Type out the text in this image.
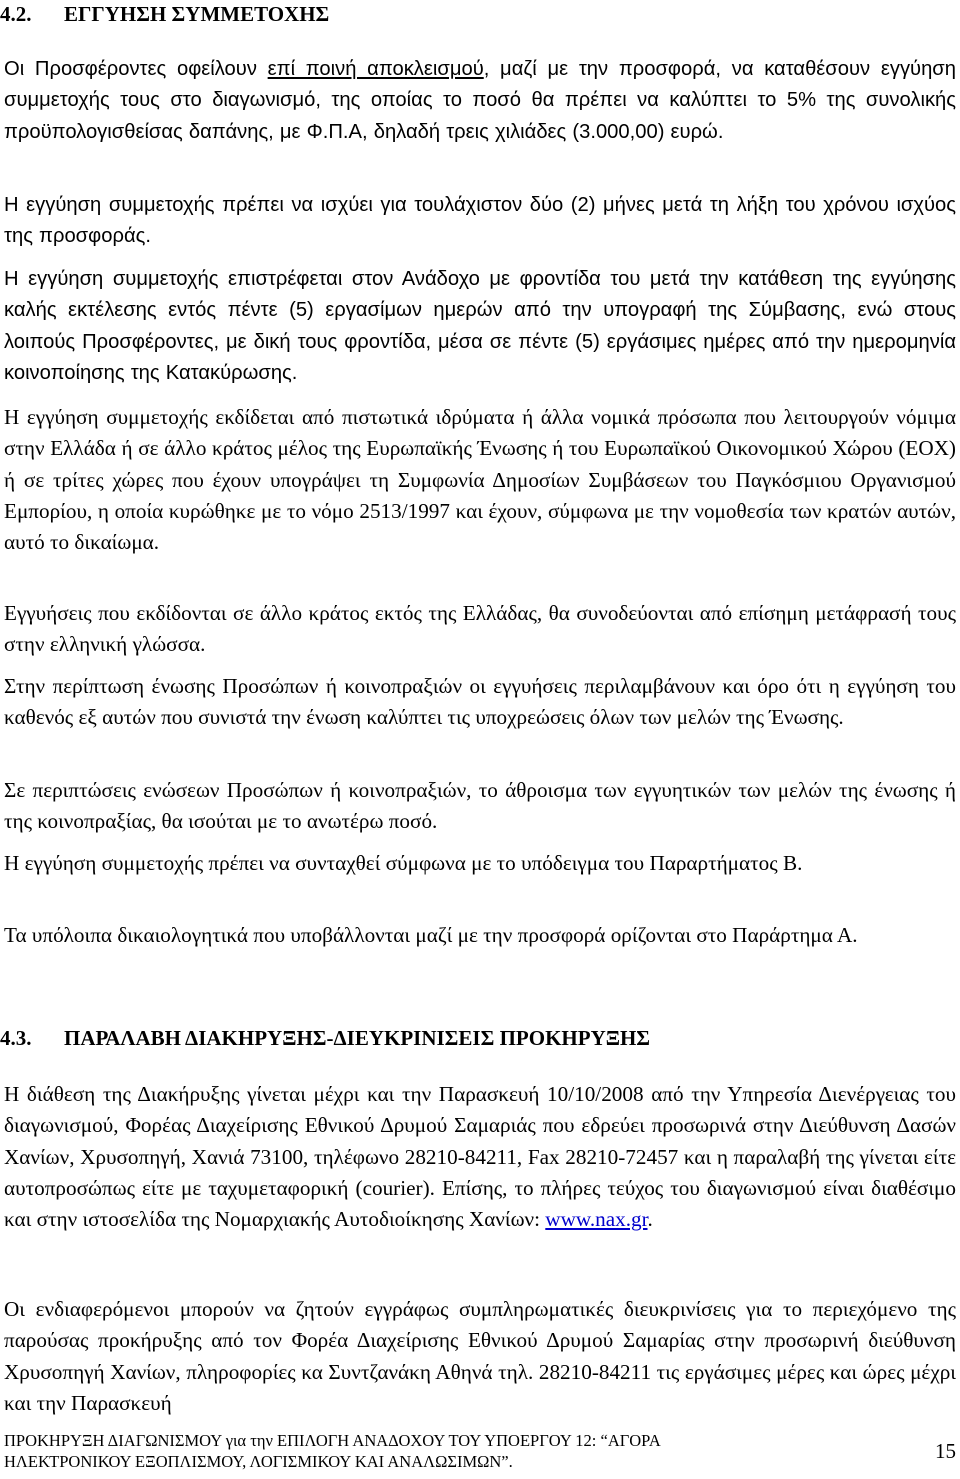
4.2. ΕΓΓΥΗΣΗ ΣΥΜΜΕΤΟΧΗΣ

Οι Προσφέροντες οφείλουν επί ποινή αποκλεισμού, μαζί με την προσφορά, να καταθέσουν εγγύηση συμμετοχής τους στο διαγωνισμό, της οποίας το ποσό θα πρέπει να καλύπτει το 5% της συνολικής προϋπολογισθείσας δαπάνης, με Φ.Π.Α, δηλαδή τρεις χιλιάδες (3.000,00) ευρώ.

Η εγγύηση συμμετοχής πρέπει να ισχύει για τουλάχιστον δύο (2) μήνες μετά τη λήξη του χρόνου ισχύος της προσφοράς.

Η εγγύηση συμμετοχής επιστρέφεται στον Ανάδοχο με φροντίδα του μετά την κατάθεση της εγγύησης καλής εκτέλεσης εντός πέντε (5) εργασίμων ημερών από την υπογραφή της Σύμβασης, ενώ στους λοιπούς Προσφέροντες, με δική τους φροντίδα, μέσα σε πέντε (5) εργάσιμες ημέρες από την ημερομηνία κοινοποίησης της Κατακύρωσης.

Η εγγύηση συμμετοχής εκδίδεται από πιστωτικά ιδρύματα ή άλλα νομικά πρόσωπα που λειτουργούν νόμιμα στην Ελλάδα ή σε άλλο κράτος μέλος της Ευρωπαϊκής Ένωσης ή του Ευρωπαϊκού Οικονομικού Χώρου (ΕΟΧ) ή σε τρίτες χώρες που έχουν υπογράψει τη Συμφωνία Δημοσίων Συμβάσεων του Παγκόσμιου Οργανισμού Εμπορίου, η οποία κυρώθηκε με το νόμο 2513/1997 και έχουν, σύμφωνα με την νομοθεσία των κρατών αυτών, αυτό το δικαίωμα.

Εγγυήσεις που εκδίδονται σε άλλο κράτος εκτός της Ελλάδας, θα συνοδεύονται από επίσημη μετάφρασή τους στην ελληνική γλώσσα.

Στην περίπτωση ένωσης Προσώπων ή κοινοπραξιών οι εγγυήσεις περιλαμβάνουν και όρο ότι η εγγύηση του καθενός εξ αυτών που συνιστά την ένωση καλύπτει τις υποχρεώσεις όλων των μελών της Ένωσης.

Σε περιπτώσεις ενώσεων Προσώπων ή κοινοπραξιών, το άθροισμα των εγγυητικών των μελών της ένωσης ή της κοινοπραξίας, θα ισούται με το ανωτέρω ποσό.

Η εγγύηση συμμετοχής πρέπει να συνταχθεί σύμφωνα με το υπόδειγμα του Παραρτήματος Β.

Τα υπόλοιπα δικαιολογητικά που υποβάλλονται μαζί με την προσφορά ορίζονται στο Παράρτημα Α.

4.3. ΠΑΡΑΛΑΒΗ ΔΙΑΚΗΡΥΞΗΣ-ΔΙΕΥΚΡΙΝΙΣΕΙΣ ΠΡΟΚΗΡΥΞΗΣ

Η διάθεση της Διακήρυξης γίνεται μέχρι και την Παρασκευή 10/10/2008 από την Υπηρεσία Διενέργειας του διαγωνισμού, Φορέας Διαχείρισης Εθνικού Δρυμού Σαμαριάς που εδρεύει προσωρινά στην Διεύθυνση Δασών Χανίων, Χρυσοπηγή, Χανιά 73100, τηλέφωνο 28210-84211, Fax 28210-72457 και η παραλαβή της γίνεται είτε αυτοπροσώπως είτε με ταχυμεταφορική (courier). Επίσης, το πλήρες τεύχος του διαγωνισμού είναι διαθέσιμο και στην ιστοσελίδα της Νομαρχιακής Αυτοδιοίκησης Χανίων: www.nax.gr.

Οι ενδιαφερόμενοι μπορούν να ζητούν εγγράφως συμπληρωματικές διευκρινίσεις για το περιεχόμενο της παρούσας προκήρυξης από τον Φορέα Διαχείρισης Εθνικού Δρυμού Σαμαρίας στην προσωρινή διεύθυνση Χρυσοπηγή Χανίων, πληροφορίες κα Συντζανάκη Αθηνά τηλ. 28210-84211 τις εργάσιμες μέρες και ώρες μέχρι και την Παρασκευή

ΠΡΟΚΗΡΥΞΗ ΔΙΑΓΩΝΙΣΜΟΥ για την ΕΠΙΛΟΓΗ ΑΝΑΔΟΧΟΥ ΤΟΥ ΥΠΟΕΡΓΟΥ 12: “ΑΓΟΡΑ
ΗΛΕΚΤΡΟΝΙΚΟΥ ΕΞΟΠΛΙΣΜΟΥ, ΛΟΓΙΣΜΙΚΟΥ ΚΑΙ ΑΝΑΛΩΣΙΜΩΝ”.	15
